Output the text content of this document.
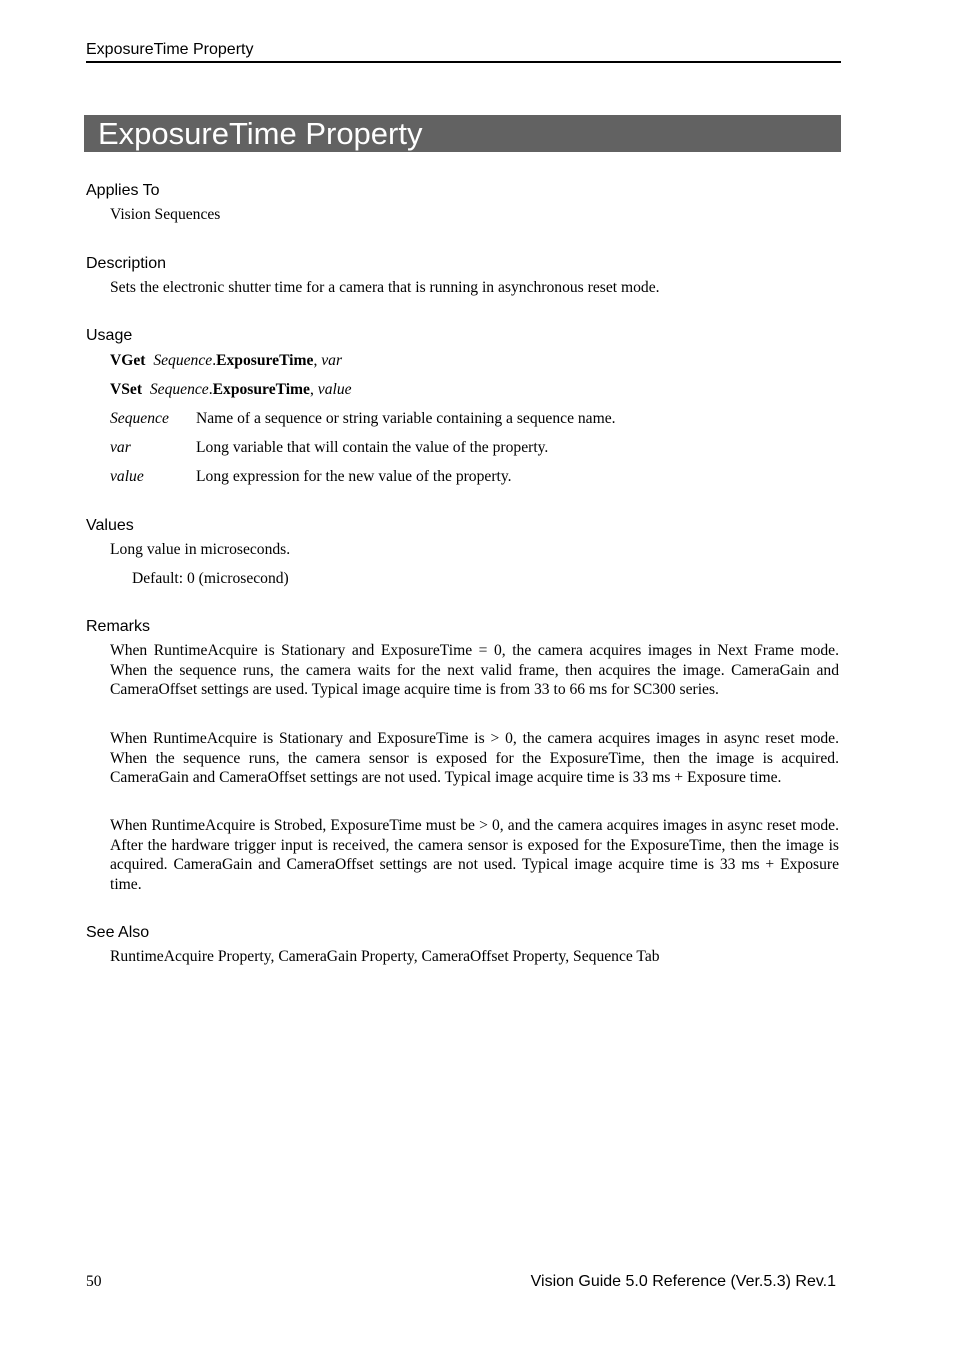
ExposureTime Property
ExposureTime Property
Applies To
Vision Sequences
Description
Sets the electronic shutter time for a camera that is running in asynchronous reset mode.
Usage
VGet Sequence.ExposureTime, var
VSet Sequence.ExposureTime, value
Sequence Name of a sequence or string variable containing a sequence name.
var	Long variable that will contain the value of the property.
value	Long expression for the new value of the property.
Values
Long value in microseconds.
Default: 0 (microsecond)
Remarks
When RuntimeAcquire is Stationary and ExposureTime = 0, the camera acquires images in Next Frame mode. When the sequence runs, the camera waits for the next valid frame, then acquires the image. CameraGain and CameraOffset settings are used. Typical image acquire time is from 33 to 66 ms for SC300 series.
When RuntimeAcquire is Stationary and ExposureTime is > 0, the camera acquires images in async reset mode. When the sequence runs, the camera sensor is exposed for the ExposureTime, then the image is acquired. CameraGain and CameraOffset settings are not used. Typical image acquire time is 33 ms + Exposure time.
When RuntimeAcquire is Strobed, ExposureTime must be > 0, and the camera acquires images in async reset mode. After the hardware trigger input is received, the camera sensor is exposed for the ExposureTime, then the image is acquired. CameraGain and CameraOffset settings are not used. Typical image acquire time is 33 ms + Exposure time.
See Also
RuntimeAcquire Property, CameraGain Property, CameraOffset Property, Sequence Tab
50	Vision Guide 5.0 Reference (Ver.5.3) Rev.1
